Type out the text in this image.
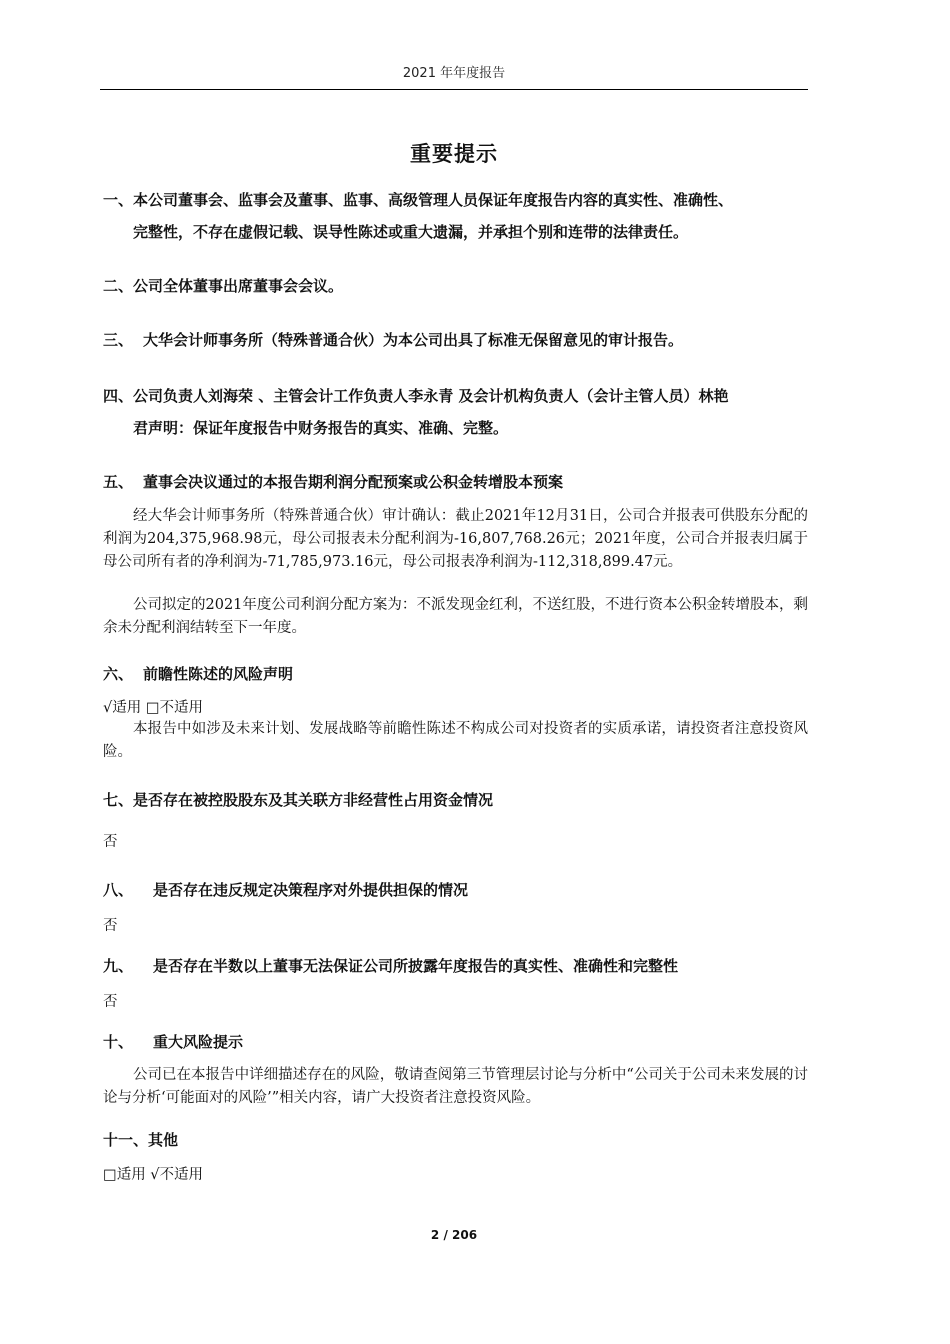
2021 年年度报告
重要提示
一、本公司董事会、监事会及董事、监事、高级管理人员保证年度报告内容的真实性、准确性、
完整性，不存在虚假记载、误导性陈述或重大遗漏，并承担个别和连带的法律责任。
二、公司全体董事出席董事会会议。
三、 大华会计师事务所（特殊普通合伙）为本公司出具了标准无保留意见的审计报告。
四、公司负责人刘海荣 、主管会计工作负责人李永青 及会计机构负责人（会计主管人员）林艳
君声明：保证年度报告中财务报告的真实、准确、完整。
五、 董事会决议通过的本报告期利润分配预案或公积金转增股本预案
经大华会计师事务所（特殊普通合伙）审计确认：截止2021年12月31日，公司合并报表可供股东分配的利润为204,375,968.98元，母公司报表未分配利润为-16,807,768.26元；2021年度，公司合并报表归属于母公司所有者的净利润为-71,785,973.16元，母公司报表净利润为-112,318,899.47元。
公司拟定的2021年度公司利润分配方案为：不派发现金红利，不送红股，不进行资本公积金转增股本，剩余未分配利润结转至下一年度。
六、 前瞻性陈述的风险声明
√适用 □不适用
本报告中如涉及未来计划、发展战略等前瞻性陈述不构成公司对投资者的实质承诺，请投资者注意投资风险。
七、是否存在被控股股东及其关联方非经营性占用资金情况
否
八、 是否存在违反规定决策程序对外提供担保的情况
否
九、 是否存在半数以上董事无法保证公司所披露年度报告的真实性、准确性和完整性
否
十、 重大风险提示
公司已在本报告中详细描述存在的风险，敬请查阅第三节管理层讨论与分析中“公司关于公司未来发展的讨论与分析‘可能面对的风险’”相关内容，请广大投资者注意投资风险。
十一、其他
□适用 √不适用
2 / 206
